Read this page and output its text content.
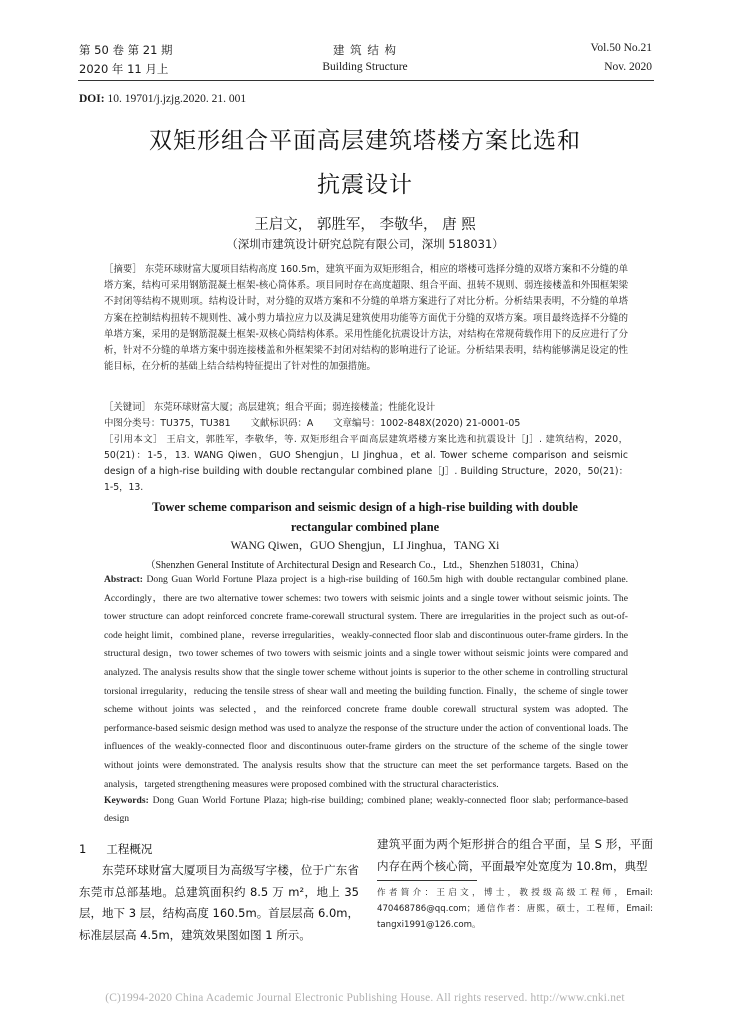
第 50 卷 第 21 期
2020 年 11 月上
建 筑 结 构
Building Structure
Vol.50 No.21
Nov. 2020
DOI: 10. 19701/j.jzjg.2020. 21. 001
双矩形组合平面高层建筑塔楼方案比选和
抗震设计
王启文， 郭胜军， 李敬华， 唐 熙
（深圳市建筑设计研究总院有限公司，深圳 518031）
［摘要］ 东莞环球财富大厦项目结构高度 160.5m，建筑平面为双矩形组合，相应的塔楼可选择分缝的双塔方案和不分缝的单塔方案，结构可采用钢筋混凝土框架-核心筒体系。项目同时存在高度超限、组合平面、扭转不规则、弱连接楼盖和外围框架梁不封闭等结构不规则项。结构设计时，对分缝的双塔方案和不分缝的单塔方案进行了对比分析。分析结果表明，不分缝的单塔方案在控制结构扭转不规则性、减小剪力墙拉应力以及满足建筑使用功能等方面优于分缝的双塔方案。项目最终选择不分缝的单塔方案，采用的是钢筋混凝土框架-双核心筒结构体系。采用性能化抗震设计方法，对结构在常规荷载作用下的反应进行了分析，针对不分缝的单塔方案中弱连接楼盖和外框架梁不封闭对结构的影响进行了论证。分析结果表明，结构能够满足设定的性能目标，在分析的基础上结合结构特征提出了针对性的加强措施。
［关键词］ 东莞环球财富大厦；高层建筑；组合平面；弱连接楼盖；性能化设计
中图分类号：TU375，TU381 文献标识码：A 文章编号：1002-848X(2020) 21-0001-05
［引用本文］ 王启文，郭胜军，李敬华，等. 双矩形组合平面高层建筑塔楼方案比选和抗震设计［J］. 建筑结构，2020，50(21)：1-5，13. WANG Qiwen，GUO Shengjun，LI Jinghua，et al. Tower scheme comparison and seismic design of a high-rise building with double rectangular combined plane［J］. Building Structure，2020，50(21)：1-5，13.
Tower scheme comparison and seismic design of a high-rise building with double
rectangular combined plane
WANG Qiwen，GUO Shengjun，LI Jinghua，TANG Xi
（Shenzhen General Institute of Architectural Design and Research Co.，Ltd.，Shenzhen 518031，China）
Abstract: Dong Guan World Fortune Plaza project is a high-rise building of 160.5m high with double rectangular combined plane. Accordingly，there are two alternative tower schemes: two towers with seismic joints and a single tower without seismic joints. The tower structure can adopt reinforced concrete frame-corewall structural system. There are irregularities in the project such as out-of-code height limit，combined plane，reverse irregularities，weakly-connected floor slab and discontinuous outer-frame girders. In the structural design，two tower schemes of two towers with seismic joints and a single tower without seismic joints were compared and analyzed. The analysis results show that the single tower scheme without joints is superior to the other scheme in controlling structural torsional irregularity，reducing the tensile stress of shear wall and meeting the building function. Finally，the scheme of single tower scheme without joints was selected，and the reinforced concrete frame double corewall structural system was adopted. The performance-based seismic design method was used to analyze the response of the structure under the action of conventional loads. The influences of the weakly-connected floor and discontinuous outer-frame girders on the structure of the scheme of the single tower without joints were demonstrated. The analysis results show that the structure can meet the set performance targets. Based on the analysis，targeted strengthening measures were proposed combined with the structural characteristics.
Keywords: Dong Guan World Fortune Plaza; high-rise building; combined plane; weakly-connected floor slab; performance-based design
1 工程概况
东莞环球财富大厦项目为高级写字楼，位于广东省东莞市总部基地。总建筑面积约 8.5 万 m²，地上 35 层，地下 3 层，结构高度 160.5m。首层层高 6.0m，标准层层高 4.5m，建筑效果图如图 1 所示。
建筑平面为两个矩形拼合的组合平面，呈 S 形，平面内存在两个核心筒，平面最窄处宽度为 10.8m，典型
作者简介：王启文，博士，教授级高级工程师，Email: 470468786@qq.com；通信作者：唐熙，硕士，工程师，Email: tangxi1991@126.com。
(C)1994-2020 China Academic Journal Electronic Publishing House. All rights reserved. http://www.cnki.net
